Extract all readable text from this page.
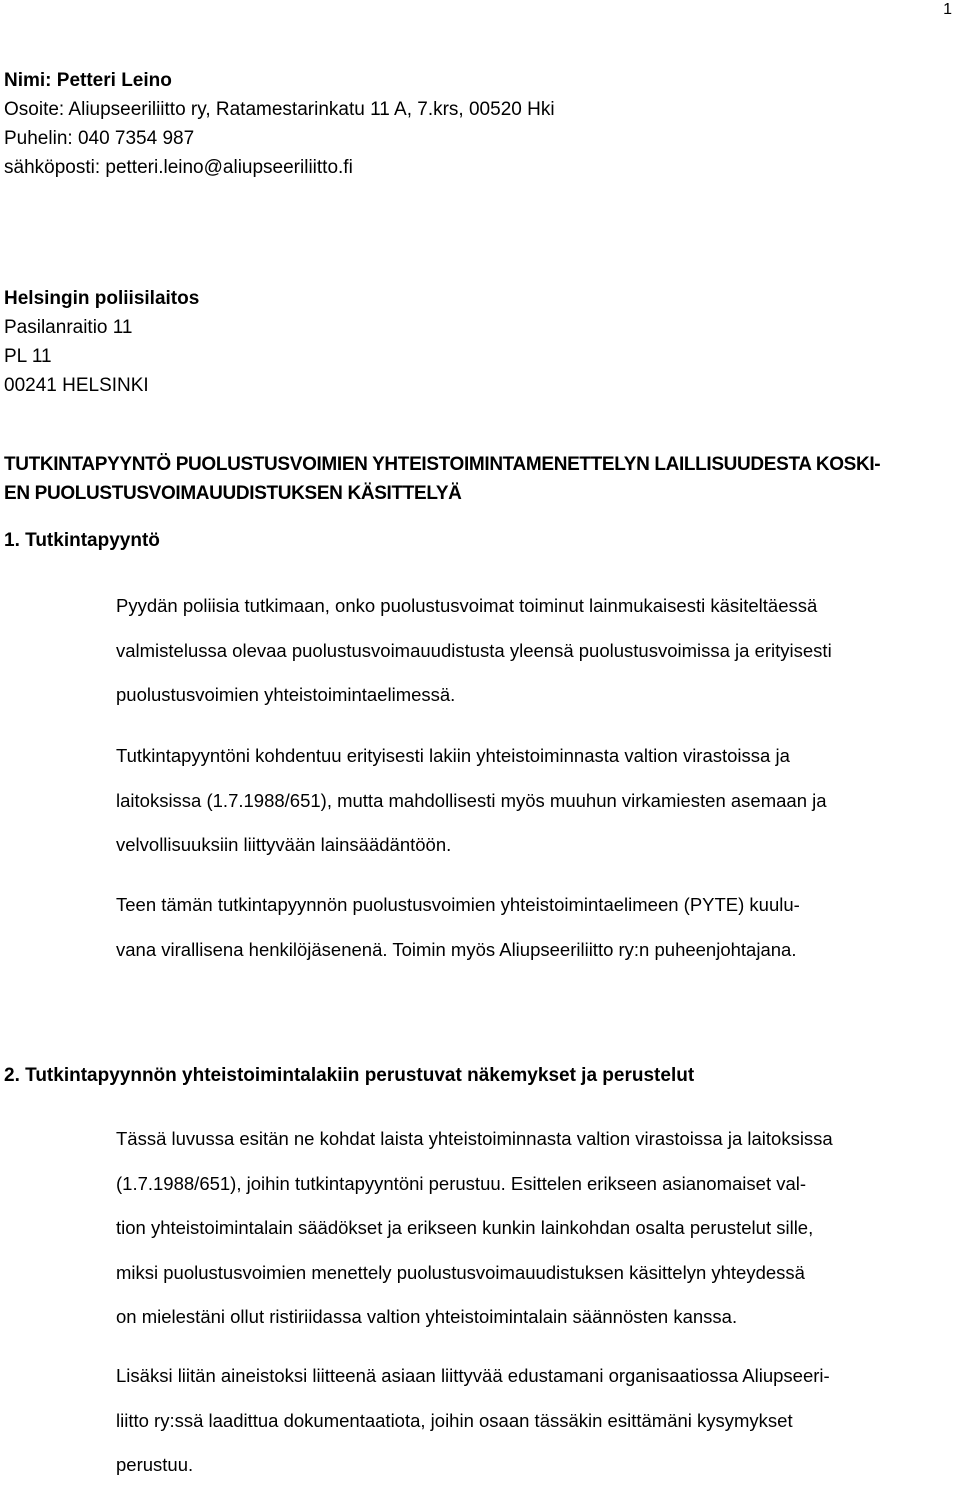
1
Nimi: Petteri Leino
Osoite: Aliupseeriliitto ry, Ratamestarinkatu 11 A, 7.krs, 00520 Hki
Puhelin: 040 7354 987
sähköposti: petteri.leino@aliupseeriliitto.fi
Helsingin poliisilaitos
Pasilanraitio 11
PL 11
00241 HELSINKI
TUTKINTAPYYNTÖ PUOLUSTUSVOIMIEN YHTEISTOIMINTAMENETTELYN LAILLISUUDESTA KOSKI-
EN PUOLUSTUSVOIMAUUDISTUKSEN KÄSITTELYÄ
1. Tutkintapyyntö
Pyydän poliisia tutkimaan, onko puolustusvoimat toiminut lainmukaisesti käsiteltäessä
valmistelussa olevaa puolustusvoimauudistusta yleensä puolustusvoimissa ja erityisesti
puolustusvoimien yhteistoimintaelimessä.
Tutkintapyyntöni kohdentuu erityisesti lakiin yhteistoiminnasta valtion virastoissa ja
laitoksissa (1.7.1988/651), mutta mahdollisesti myös muuhun virkamiesten asemaan ja
velvollisuuksiin liittyvään lainsäädäntöön.
Teen tämän tutkintapyynnön puolustusvoimien yhteistoimintaelimeen (PYTE) kuulu-
vana virallisena henkilöjäsenenä. Toimin myös Aliupseeriliitto ry:n puheenjohtajana.
2. Tutkintapyynnön yhteistoimintalakiin perustuvat näkemykset ja perustelut
Tässä luvussa esitän ne kohdat laista yhteistoiminnasta valtion virastoissa ja laitoksissa
(1.7.1988/651), joihin tutkintapyyntöni perustuu. Esittelen erikseen asianomaiset val-
tion yhteistoimintalain säädökset ja erikseen kunkin lainkohdan osalta perustelut sille,
miksi puolustusvoimien menettely puolustusvoimauudistuksen käsittelyn yhteydessä
on mielestäni ollut ristiriidassa valtion yhteistoimintalain säännösten kanssa.
Lisäksi liitän aineistoksi liitteenä asiaan liittyvää edustamani organisaatiossa Aliupseeri-
liitto ry:ssä laadittua dokumentaatiota, joihin osaan tässäkin esittämäni kysymykset
perustuu.
